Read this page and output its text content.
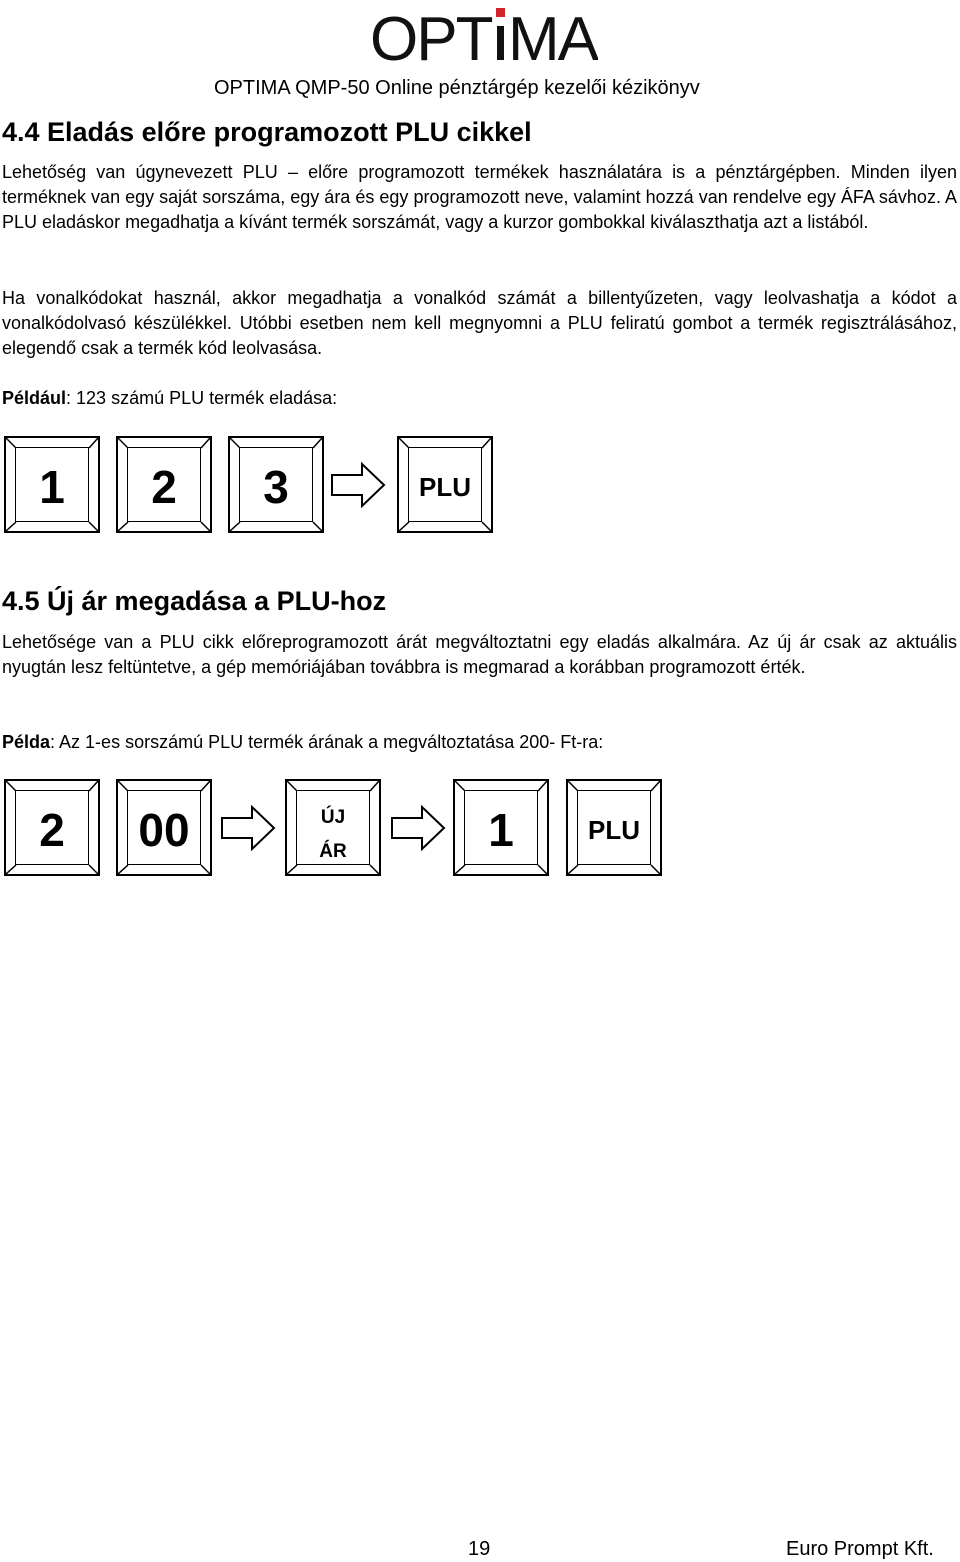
OPT MA
OPTIMA QMP-50 Online pénztárgép kezelői kézikönyv
4.4 Eladás előre programozott PLU cikkel
Lehetőség van úgynevezett PLU – előre programozott termékek használatára is a pénztárgépben. Minden ilyen terméknek van egy saját sorszáma, egy ára és egy programozott neve, valamint hozzá van rendelve egy ÁFA sávhoz. A PLU eladáskor megadhatja a kívánt termék sorszámát, vagy a kurzor gombokkal kiválaszthatja azt a listából.
Ha vonalkódokat használ, akkor megadhatja a vonalkód számát a billentyűzeten, vagy leolvashatja a kódot a vonalkódolvasó készülékkel. Utóbbi esetben nem kell megnyomni a PLU feliratú gombot a termék regisztrálásához, elegendő csak a termék kód leolvasása.
Például: 123 számú PLU termék eladása:
1	2	3	PLU
4.5 Új ár megadása a PLU-hoz
Lehetősége van a PLU cikk előreprogramozott árát megváltoztatni egy eladás alkalmára. Az új ár csak az aktuális nyugtán lesz feltüntetve, a gép memóriájában továbbra is megmarad a korábban programozott érték.
Példa: Az 1-es sorszámú PLU termék árának a megváltoztatása 200- Ft-ra:
2	00	ÚJ
ÁR	1	PLU
19	Euro Prompt Kft.
